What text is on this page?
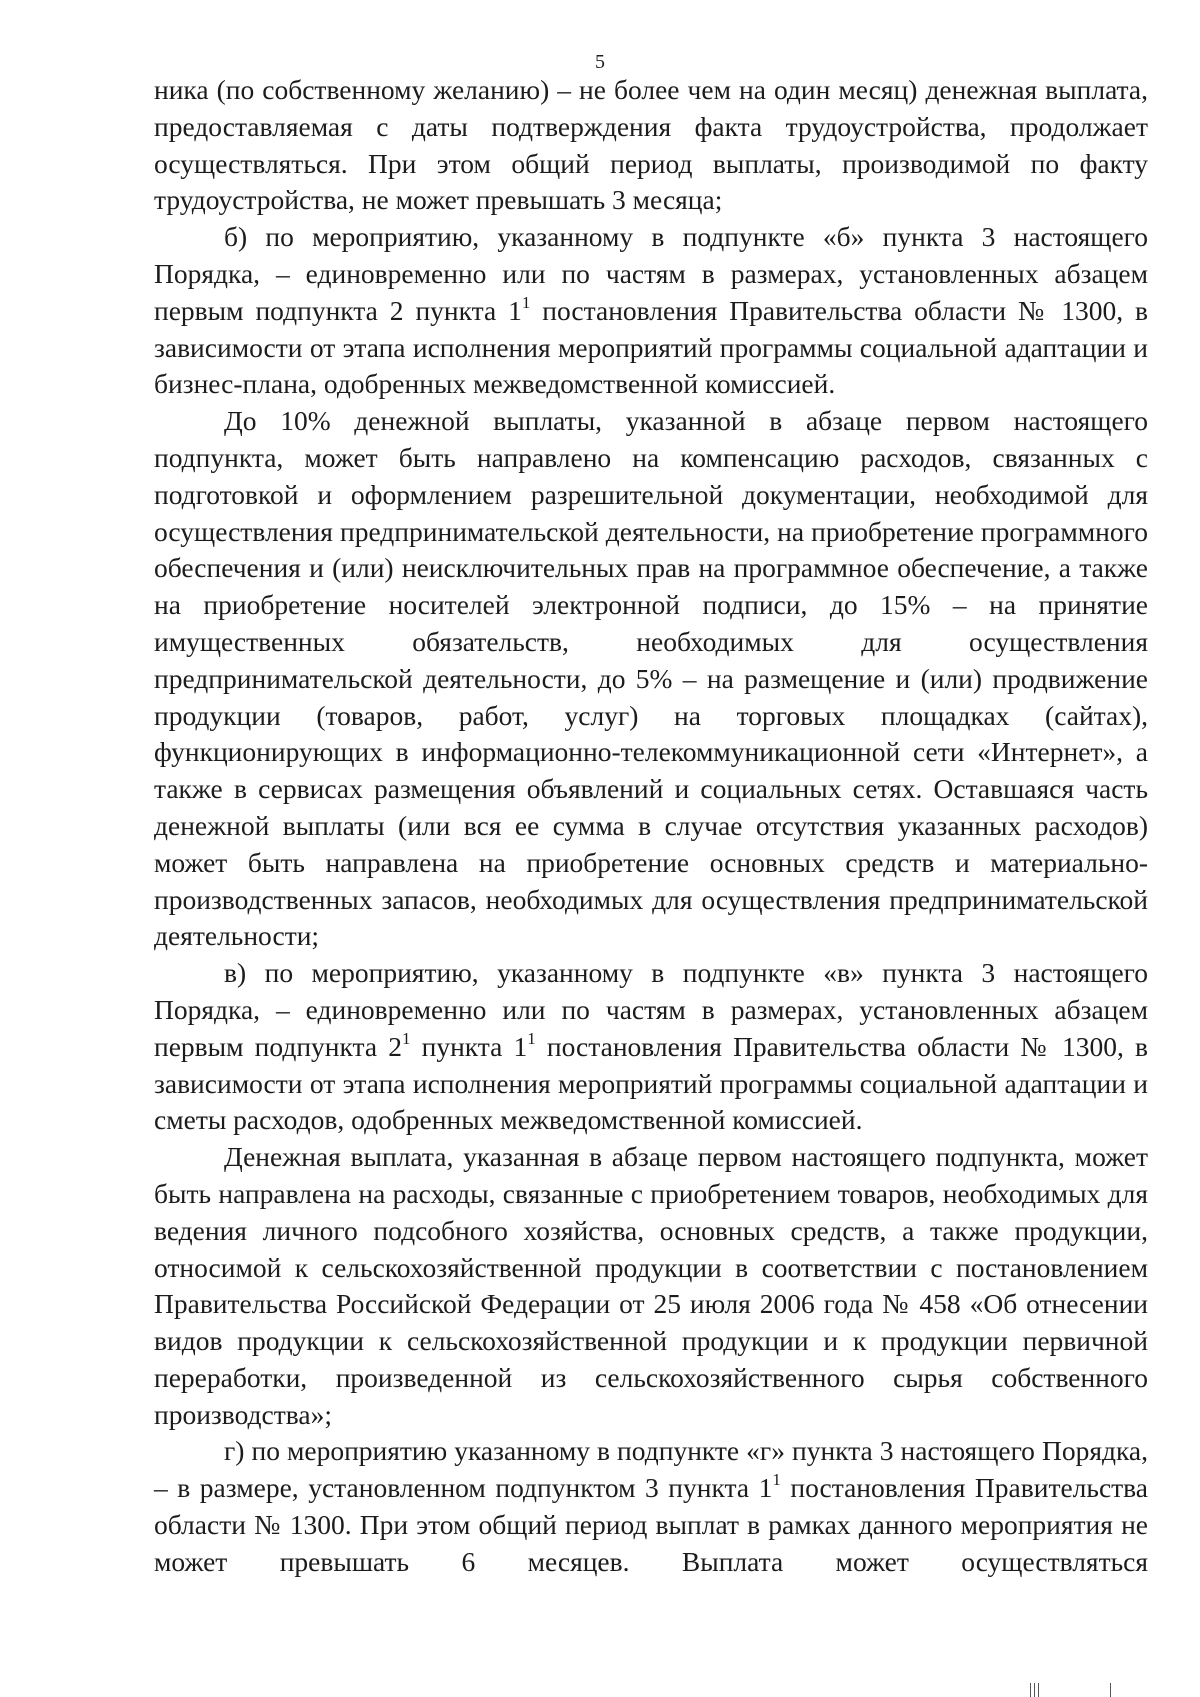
5

ника (по собственному желанию) – не более чем на один месяц) денежная выплата, предоставляемая с даты подтверждения факта трудоустройства, продолжает осуществляться. При этом общий период выплаты, производимой по факту трудоустройства, не может превышать 3 месяца;

б) по мероприятию, указанному в подпункте «б» пункта 3 настоящего Порядка, – единовременно или по частям в размерах, установленных абзацем первым подпункта 2 пункта $1^1$ постановления Правительства области № 1300, в зависимости от этапа исполнения мероприятий программы социальной адаптации и бизнес-плана, одобренных межведомственной комиссией.

До 10% денежной выплаты, указанной в абзаце первом настоящего подпункта, может быть направлено на компенсацию расходов, связанных с подготовкой и оформлением разрешительной документации, необходимой для осуществления предпринимательской деятельности, на приобретение программного обеспечения и (или) неисключительных прав на программное обеспечение, а также на приобретение носителей электронной подписи, до 15% – на принятие имущественных обязательств, необходимых для осуществления предпринимательской деятельности, до 5% – на размещение и (или) продвижение продукции (товаров, работ, услуг) на торговых площадках (сайтах), функционирующих в информационно-телекоммуникационной сети «Интернет», а также в сервисах размещения объявлений и социальных сетях. Оставшаяся часть денежной выплаты (или вся ее сумма в случае отсутствия указанных расходов) может быть направлена на приобретение основных средств и материально-производственных запасов, необходимых для осуществления предпринимательской деятельности;

в) по мероприятию, указанному в подпункте «в» пункта 3 настоящего Порядка, – единовременно или по частям в размерах, установленных абзацем первым подпункта $2^1$ пункта $1^1$ постановления Правительства области № 1300, в зависимости от этапа исполнения мероприятий программы социальной адаптации и сметы расходов, одобренных межведомственной комиссией.

Денежная выплата, указанная в абзаце первом настоящего подпункта, может быть направлена на расходы, связанные с приобретением товаров, необходимых для ведения личного подсобного хозяйства, основных средств, а также продукции, относимой к сельскохозяйственной продукции в соответствии с постановлением Правительства Российской Федерации от 25 июля 2006 года № 458 «Об отнесении видов продукции к сельскохозяйственной продукции и к продукции первичной переработки, произведенной из сельскохозяйственного сырья собственного производства»;

г) по мероприятию указанному в подпункте «г» пункта 3 настоящего Порядка, – в размере, установленном подпунктом 3 пункта $1^1$ постановления Правительства области № 1300. При этом общий период выплат в рамках данного мероприятия не может превышать 6 месяцев. Выплата может осуществляться
